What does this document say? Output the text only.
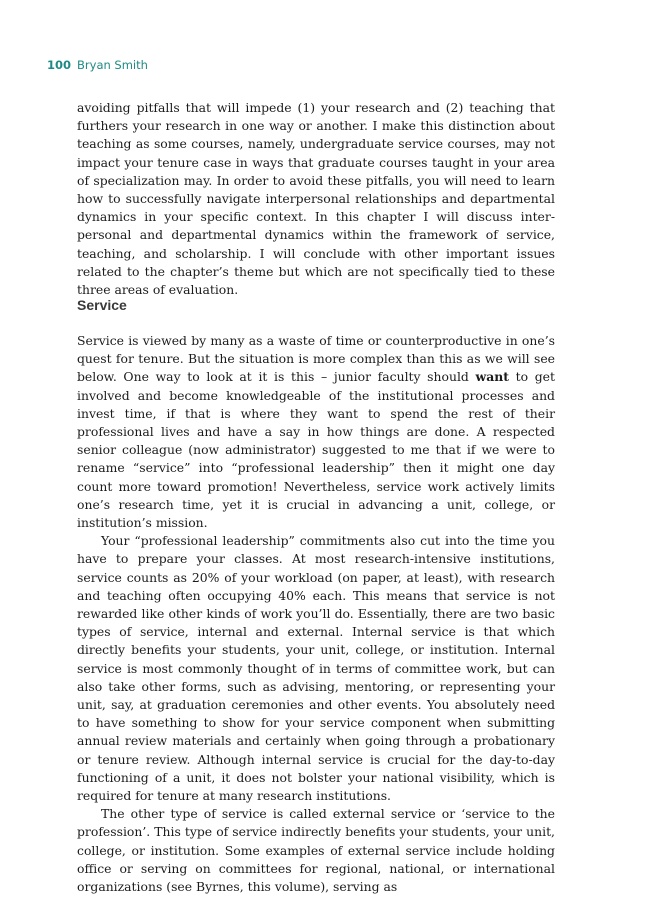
100 Bryan Smith

avoiding pitfalls that will impede (1) your research and (2) teaching that furthers your research in one way or another. I make this distinction about teaching as some courses, namely, undergraduate service courses, may not impact your tenure case in ways that graduate courses taught in your area of specialization may. In order to avoid these pitfalls, you will need to learn how to successfully navigate interpersonal relationships and departmental dynamics in your specific context. In this chapter I will discuss interpersonal and departmental dynamics within the framework of service, teaching, and scholarship. I will conclude with other important issues related to the chapter’s theme but which are not specifically tied to these three areas of evaluation.

Service

Service is viewed by many as a waste of time or counterproductive in one’s quest for tenure. But the situation is more complex than this as we will see below. One way to look at it is this – junior faculty should want to get involved and become knowledgeable of the institutional processes and invest time, if that is where they want to spend the rest of their professional lives and have a say in how things are done. A respected senior colleague (now administrator) suggested to me that if we were to rename “service” into “professional leadership” then it might one day count more toward promotion! Nevertheless, service work actively limits one’s research time, yet it is crucial in advancing a unit, college, or institution’s mission.

Your “professional leadership” commitments also cut into the time you have to prepare your classes. At most research-intensive institutions, service counts as 20% of your workload (on paper, at least), with research and teaching often occupying 40% each. This means that service is not rewarded like other kinds of work you’ll do. Essentially, there are two basic types of service, internal and external. Internal service is that which directly benefits your students, your unit, college, or institution. Internal service is most commonly thought of in terms of committee work, but can also take other forms, such as advising, mentoring, or representing your unit, say, at graduation ceremonies and other events. You absolutely need to have something to show for your service component when submitting annual review materials and certainly when going through a probationary or tenure review. Although internal service is crucial for the day-to-day functioning of a unit, it does not bolster your national visibility, which is required for tenure at many research institutions.

The other type of service is called external service or ‘service to the profession’. This type of service indirectly benefits your students, your unit, college, or institution. Some examples of external service include holding office or serving on committees for regional, national, or international organizations (see Byrnes, this volume), serving as
